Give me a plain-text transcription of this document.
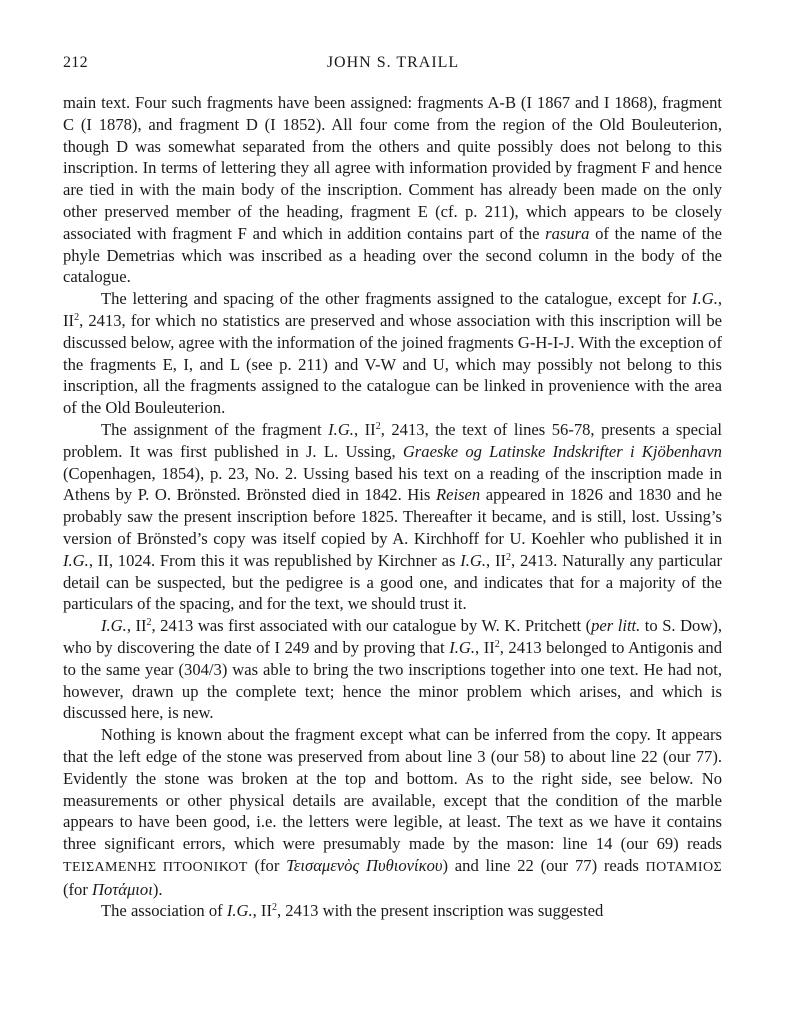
212	JOHN S. TRAILL

main text. Four such fragments have been assigned: fragments A-B (I 1867 and I 1868), fragment C (I 1878), and fragment D (I 1852). All four come from the region of the Old Bouleuterion, though D was somewhat separated from the others and quite possibly does not belong to this inscription. In terms of lettering they all agree with information provided by fragment F and hence are tied in with the main body of the inscription. Comment has already been made on the only other preserved member of the heading, fragment E (cf. p. 211), which appears to be closely associated with fragment F and which in addition contains part of the rasura of the name of the phyle Demetrias which was inscribed as a heading over the second column in the body of the catalogue.

The lettering and spacing of the other fragments assigned to the catalogue, except for I.G., $II^2$, 2413, for which no statistics are preserved and whose association with this inscription will be discussed below, agree with the information of the joined fragments G-H-I-J. With the exception of the fragments E, I, and L (see p. 211) and V-W and U, which may possibly not belong to this inscription, all the fragments assigned to the catalogue can be linked in provenience with the area of the Old Bouleuterion.

The assignment of the fragment I.G., $II^2$, 2413, the text of lines 56-78, presents a special problem. It was first published in J. L. Ussing, Graeske og Latinske Indskrifter i Kjöbenhavn (Copenhagen, 1854), p. 23, No. 2. Ussing based his text on a reading of the inscription made in Athens by P. O. Brönsted. Brönsted died in 1842. His Reisen appeared in 1826 and 1830 and he probably saw the present inscription before 1825. Thereafter it became, and is still, lost. Ussing’s version of Brönsted’s copy was itself copied by A. Kirchhoff for U. Koehler who published it in I.G., II, 1024. From this it was republished by Kirchner as I.G., $II^2$, 2413. Naturally any particular detail can be suspected, but the pedigree is a good one, and indicates that for a majority of the particulars of the spacing, and for the text, we should trust it.

I.G., $II^2$, 2413 was first associated with our catalogue by W. K. Pritchett (per litt. to S. Dow), who by discovering the date of I 249 and by proving that I.G., $II^2$, 2413 belonged to Antigonis and to the same year (304/3) was able to bring the two inscriptions together into one text. He had not, however, drawn up the complete text; hence the minor problem which arises, and which is discussed here, is new.

Nothing is known about the fragment except what can be inferred from the copy. It appears that the left edge of the stone was preserved from about line 3 (our 58) to about line 22 (our 77). Evidently the stone was broken at the top and bottom. As to the right side, see below. No measurements or other physical details are available, except that the condition of the marble appears to have been good, i.e. the letters were legible, at least. The text as we have it contains three significant errors, which were presumably made by the mason: line 14 (our 69) reads ΤΕΙΣΑΜΕΝΗΣ ΠΤΟΟΝΙΚΟΤ (for Τεισαμενὸς Πυθιονίκου) and line 22 (our 77) reads ΠΟΤΑΜΙΟΣ (for Ποτάμιοι).

The association of I.G., $II^2$, 2413 with the present inscription was suggested
